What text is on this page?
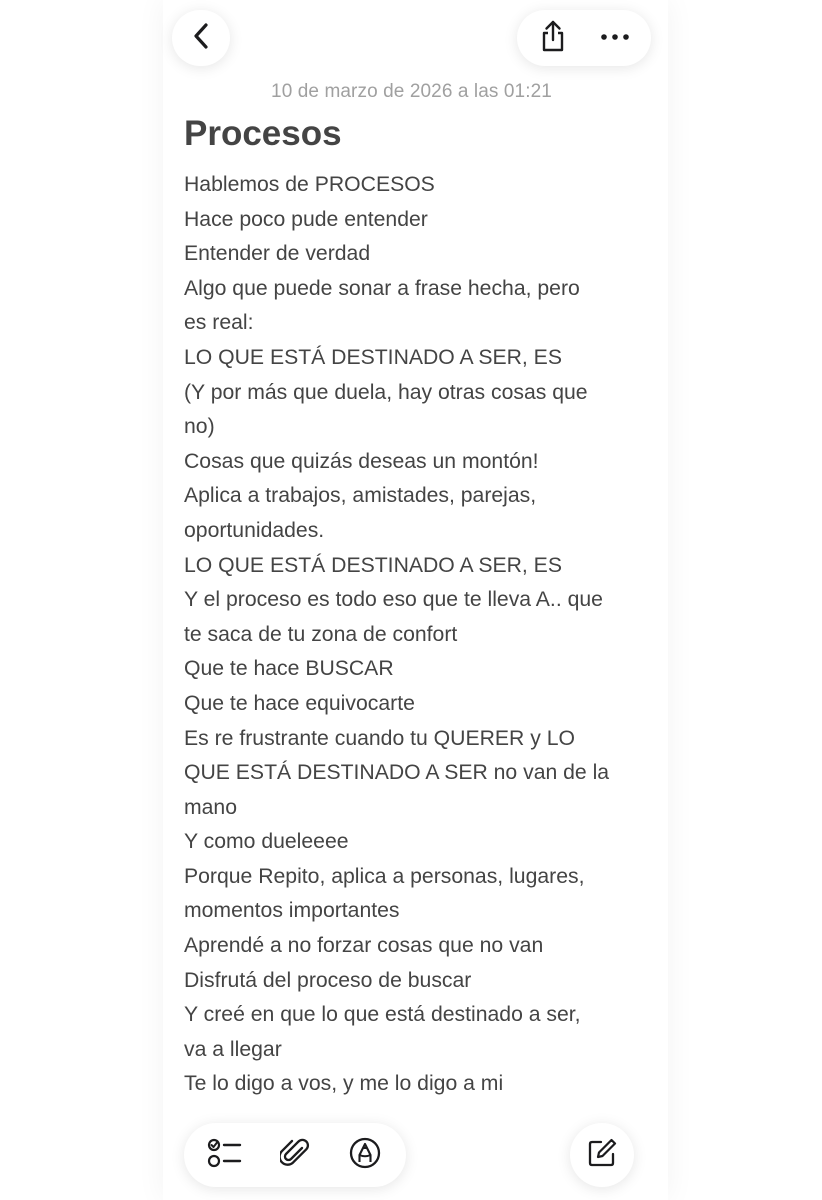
10 de marzo de 2026 a las 01:21
Procesos
Hablemos de PROCESOS
Hace poco pude entender
Entender de verdad
Algo que puede sonar a frase hecha, pero
es real:
LO QUE ESTÁ DESTINADO A SER, ES
(Y por más que duela, hay otras cosas que
no)
Cosas que quizás deseas un montón!
Aplica a trabajos, amistades, parejas,
oportunidades.
LO QUE ESTÁ DESTINADO A SER, ES
Y el proceso es todo eso que te lleva A.. que
te saca de tu zona de confort
Que te hace BUSCAR
Que te hace equivocarte
Es re frustrante cuando tu QUERER y LO
QUE ESTÁ DESTINADO A SER no van de la
mano
Y como dueleeee
Porque Repito, aplica a personas, lugares,
momentos importantes
Aprendé a no forzar cosas que no van
Disfrutá del proceso de buscar
Y creé en que lo que está destinado a ser,
va a llegar
Te lo digo a vos, y me lo digo a mi
